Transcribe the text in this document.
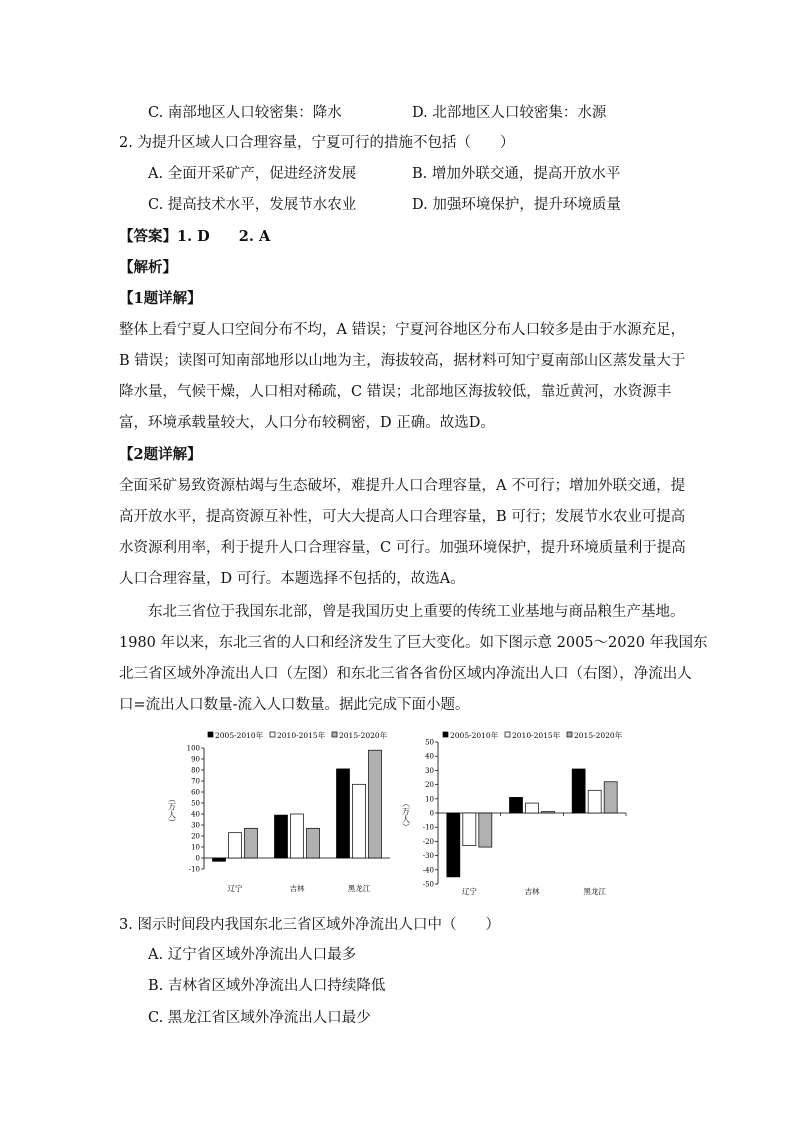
C. 南部地区人口较密集：降水	D. 北部地区人口较密集：水源
2. 为提升区域人口合理容量，宁夏可行的措施不包括（　　）
A. 全面开采矿产，促进经济发展	B. 增加外联交通，提高开放水平
C. 提高技术水平，发展节水农业	D. 加强环境保护，提升环境质量
【答案】1. D　　2. A
【解析】
【1题详解】
整体上看宁夏人口空间分布不均，A 错误；宁夏河谷地区分布人口较多是由于水源充足，
B 错误；读图可知南部地形以山地为主，海拔较高，据材料可知宁夏南部山区蒸发量大于
降水量，气候干燥，人口相对稀疏，C 错误；北部地区海拔较低，靠近黄河，水资源丰
富，环境承载量较大，人口分布较稠密，D 正确。故选D。
【2题详解】
全面采矿易致资源枯竭与生态破坏，难提升人口合理容量，A 不可行；增加外联交通，提
高开放水平，提高资源互补性，可大大提高人口合理容量，B 可行；发展节水农业可提高
水资源利用率，利于提升人口合理容量，C 可行。加强环境保护，提升环境质量利于提高
人口合理容量，D 可行。本题选择不包括的，故选A。
　　东北三省位于我国东北部，曾是我国历史上重要的传统工业基地与商品粮生产基地。
1980 年以来，东北三省的人口和经济发生了巨大变化。如下图示意 2005～2020 年我国东
北三省区域外净流出人口（左图）和东北三省各省份区域内净流出人口（右图），净流出人
口=流出人口数量-流入人口数量。据此完成下面小题。
2005-2010年 2010-2015年 2015-2020年
（万人）
100
90
80
70
60
50
40
30
20
10
0
-10
辽宁	吉林	黑龙江
2005-2010年 2010-2015年 2015-2020年
（万人）
50
40
30
20
10
0
-10
-20
-30
-40
-50
辽宁	吉林	黑龙江
3. 图示时间段内我国东北三省区域外净流出人口中（　　）
A. 辽宁省区域外净流出人口最多
B. 吉林省区域外净流出人口持续降低
C. 黑龙江省区域外净流出人口最少
